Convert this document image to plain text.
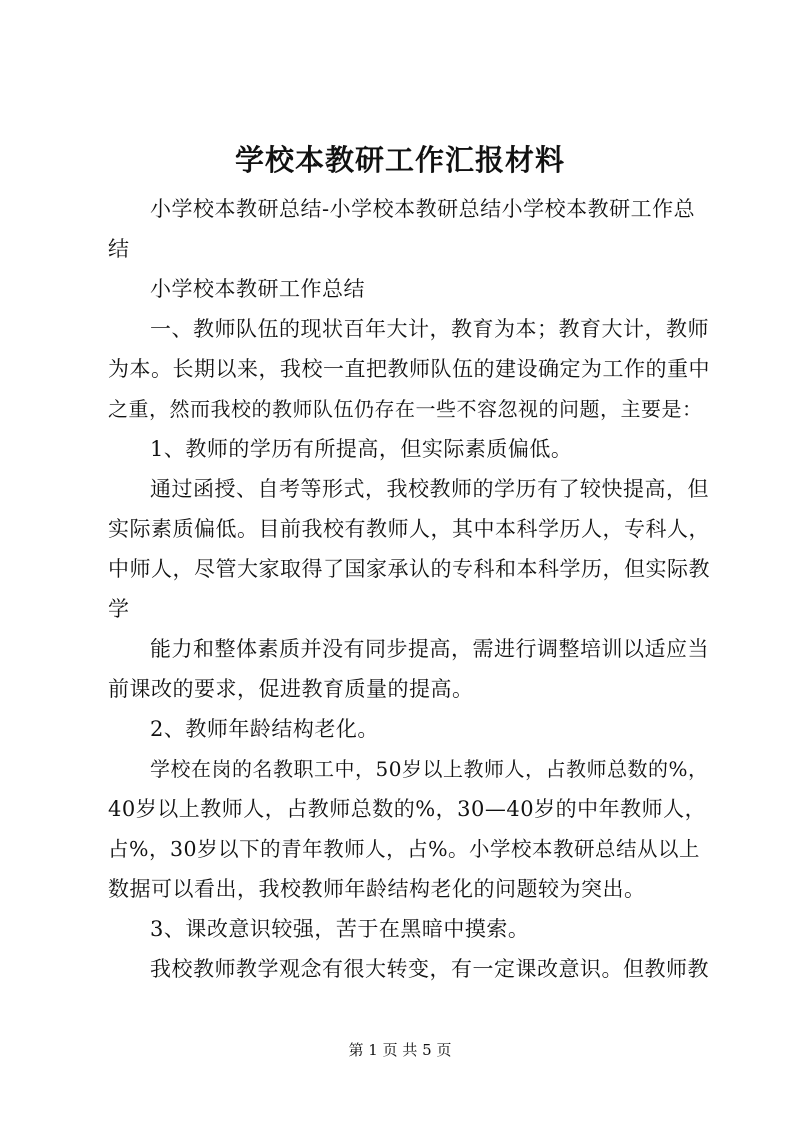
学校本教研工作汇报材料
小学校本教研总结-小学校本教研总结小学校本教研工作总
结
小学校本教研工作总结
一、教师队伍的现状百年大计，教育为本；教育大计，教师
为本。长期以来，我校一直把教师队伍的建设确定为工作的重中
之重，然而我校的教师队伍仍存在一些不容忽视的问题，主要是：
1、教师的学历有所提高，但实际素质偏低。
通过函授、自考等形式，我校教师的学历有了较快提高，但
实际素质偏低。目前我校有教师人，其中本科学历人，专科人，
中师人，尽管大家取得了国家承认的专科和本科学历，但实际教
学
能力和整体素质并没有同步提高，需进行调整培训以适应当
前课改的要求，促进教育质量的提高。
2、教师年龄结构老化。
学校在岗的名教职工中，50岁以上教师人，占教师总数的%，
40岁以上教师人，占教师总数的%，30—40岁的中年教师人，
占%，30岁以下的青年教师人，占%。小学校本教研总结从以上
数据可以看出，我校教师年龄结构老化的问题较为突出。
3、课改意识较强，苦于在黑暗中摸索。
我校教师教学观念有很大转变，有一定课改意识。但教师教
第 1 页 共 5 页
